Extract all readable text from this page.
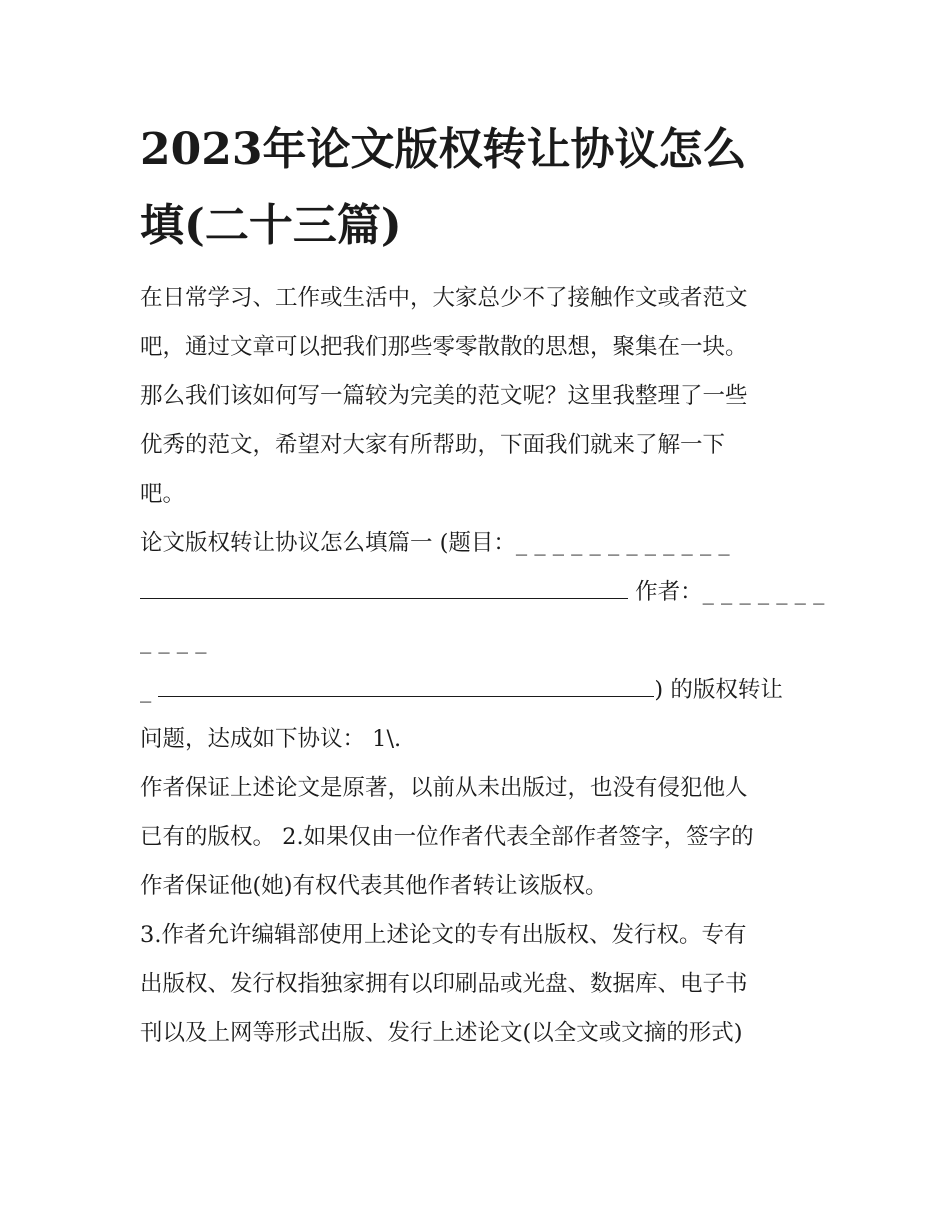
2023年论文版权转让协议怎么
填(二十三篇)

在日常学习、工作或生活中，大家总少不了接触作文或者范文
吧，通过文章可以把我们那些零零散散的思想，聚集在一块。
那么我们该如何写一篇较为完美的范文呢？这里我整理了一些
优秀的范文，希望对大家有所帮助，下面我们就来了解一下
吧。

论文版权转让协议怎么填篇一 (题目：_ _ _ _ _ _ _ _ _ _ _ _
作者：_ _ _ _ _ _ _
_ _ _ _
_	) 的版权转让
问题，达成如下协议： 1\.

作者保证上述论文是原著，以前从未出版过，也没有侵犯他人
已有的版权。 2.如果仅由一位作者代表全部作者签字，签字的
作者保证他(她)有权代表其他作者转让该版权。
3.作者允许编辑部使用上述论文的专有出版权、发行权。专有
出版权、发行权指独家拥有以印刷品或光盘、数据库、电子书
刊以及上网等形式出版、发行上述论文(以全文或文摘的形式)
